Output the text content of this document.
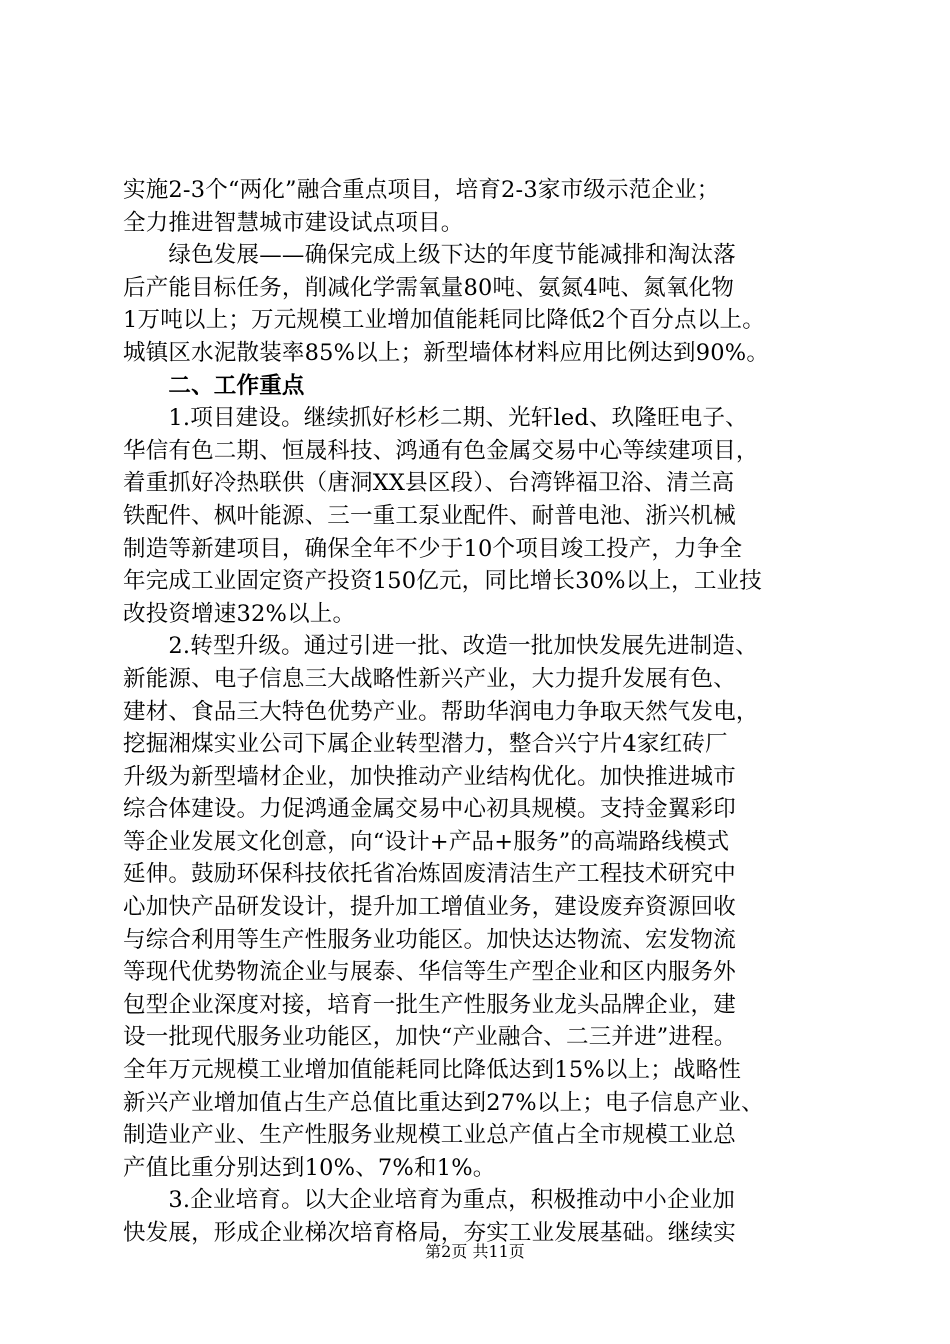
实施2-3个“两化”融合重点项目，培育2-3家市级示范企业；
全力推进智慧城市建设试点项目。
　　绿色发展——确保完成上级下达的年度节能减排和淘汰落
后产能目标任务，削减化学需氧量80吨、氨氮4吨、氮氧化物
1万吨以上；万元规模工业增加值能耗同比降低2个百分点以上。
城镇区水泥散装率85%以上；新型墙体材料应用比例达到90%。
　　二、工作重点
　　1.项目建设。继续抓好杉杉二期、光轩led、玖隆旺电子、
华信有色二期、恒晟科技、鸿通有色金属交易中心等续建项目，
着重抓好冷热联供（唐洞XX县区段）、台湾铧福卫浴、清兰高
铁配件、枫叶能源、三一重工泵业配件、耐普电池、浙兴机械
制造等新建项目，确保全年不少于10个项目竣工投产，力争全
年完成工业固定资产投资150亿元，同比增长30%以上，工业技
改投资增速32%以上。
　　2.转型升级。通过引进一批、改造一批加快发展先进制造、
新能源、电子信息三大战略性新兴产业，大力提升发展有色、
建材、食品三大特色优势产业。帮助华润电力争取天然气发电，
挖掘湘煤实业公司下属企业转型潜力，整合兴宁片4家红砖厂
升级为新型墙材企业，加快推动产业结构优化。加快推进城市
综合体建设。力促鸿通金属交易中心初具规模。支持金翼彩印
等企业发展文化创意，向“设计+产品+服务”的高端路线模式
延伸。鼓励环保科技依托省冶炼固废清洁生产工程技术研究中
心加快产品研发设计，提升加工增值业务，建设废弃资源回收
与综合利用等生产性服务业功能区。加快达达物流、宏发物流
等现代优势物流企业与展泰、华信等生产型企业和区内服务外
包型企业深度对接，培育一批生产性服务业龙头品牌企业，建
设一批现代服务业功能区，加快“产业融合、二三并进”进程。
全年万元规模工业增加值能耗同比降低达到15%以上；战略性
新兴产业增加值占生产总值比重达到27%以上；电子信息产业、
制造业产业、生产性服务业规模工业总产值占全市规模工业总
产值比重分别达到10%、7%和1%。
　　3.企业培育。以大企业培育为重点，积极推动中小企业加
快发展，形成企业梯次培育格局，夯实工业发展基础。继续实
第2页 共11页
